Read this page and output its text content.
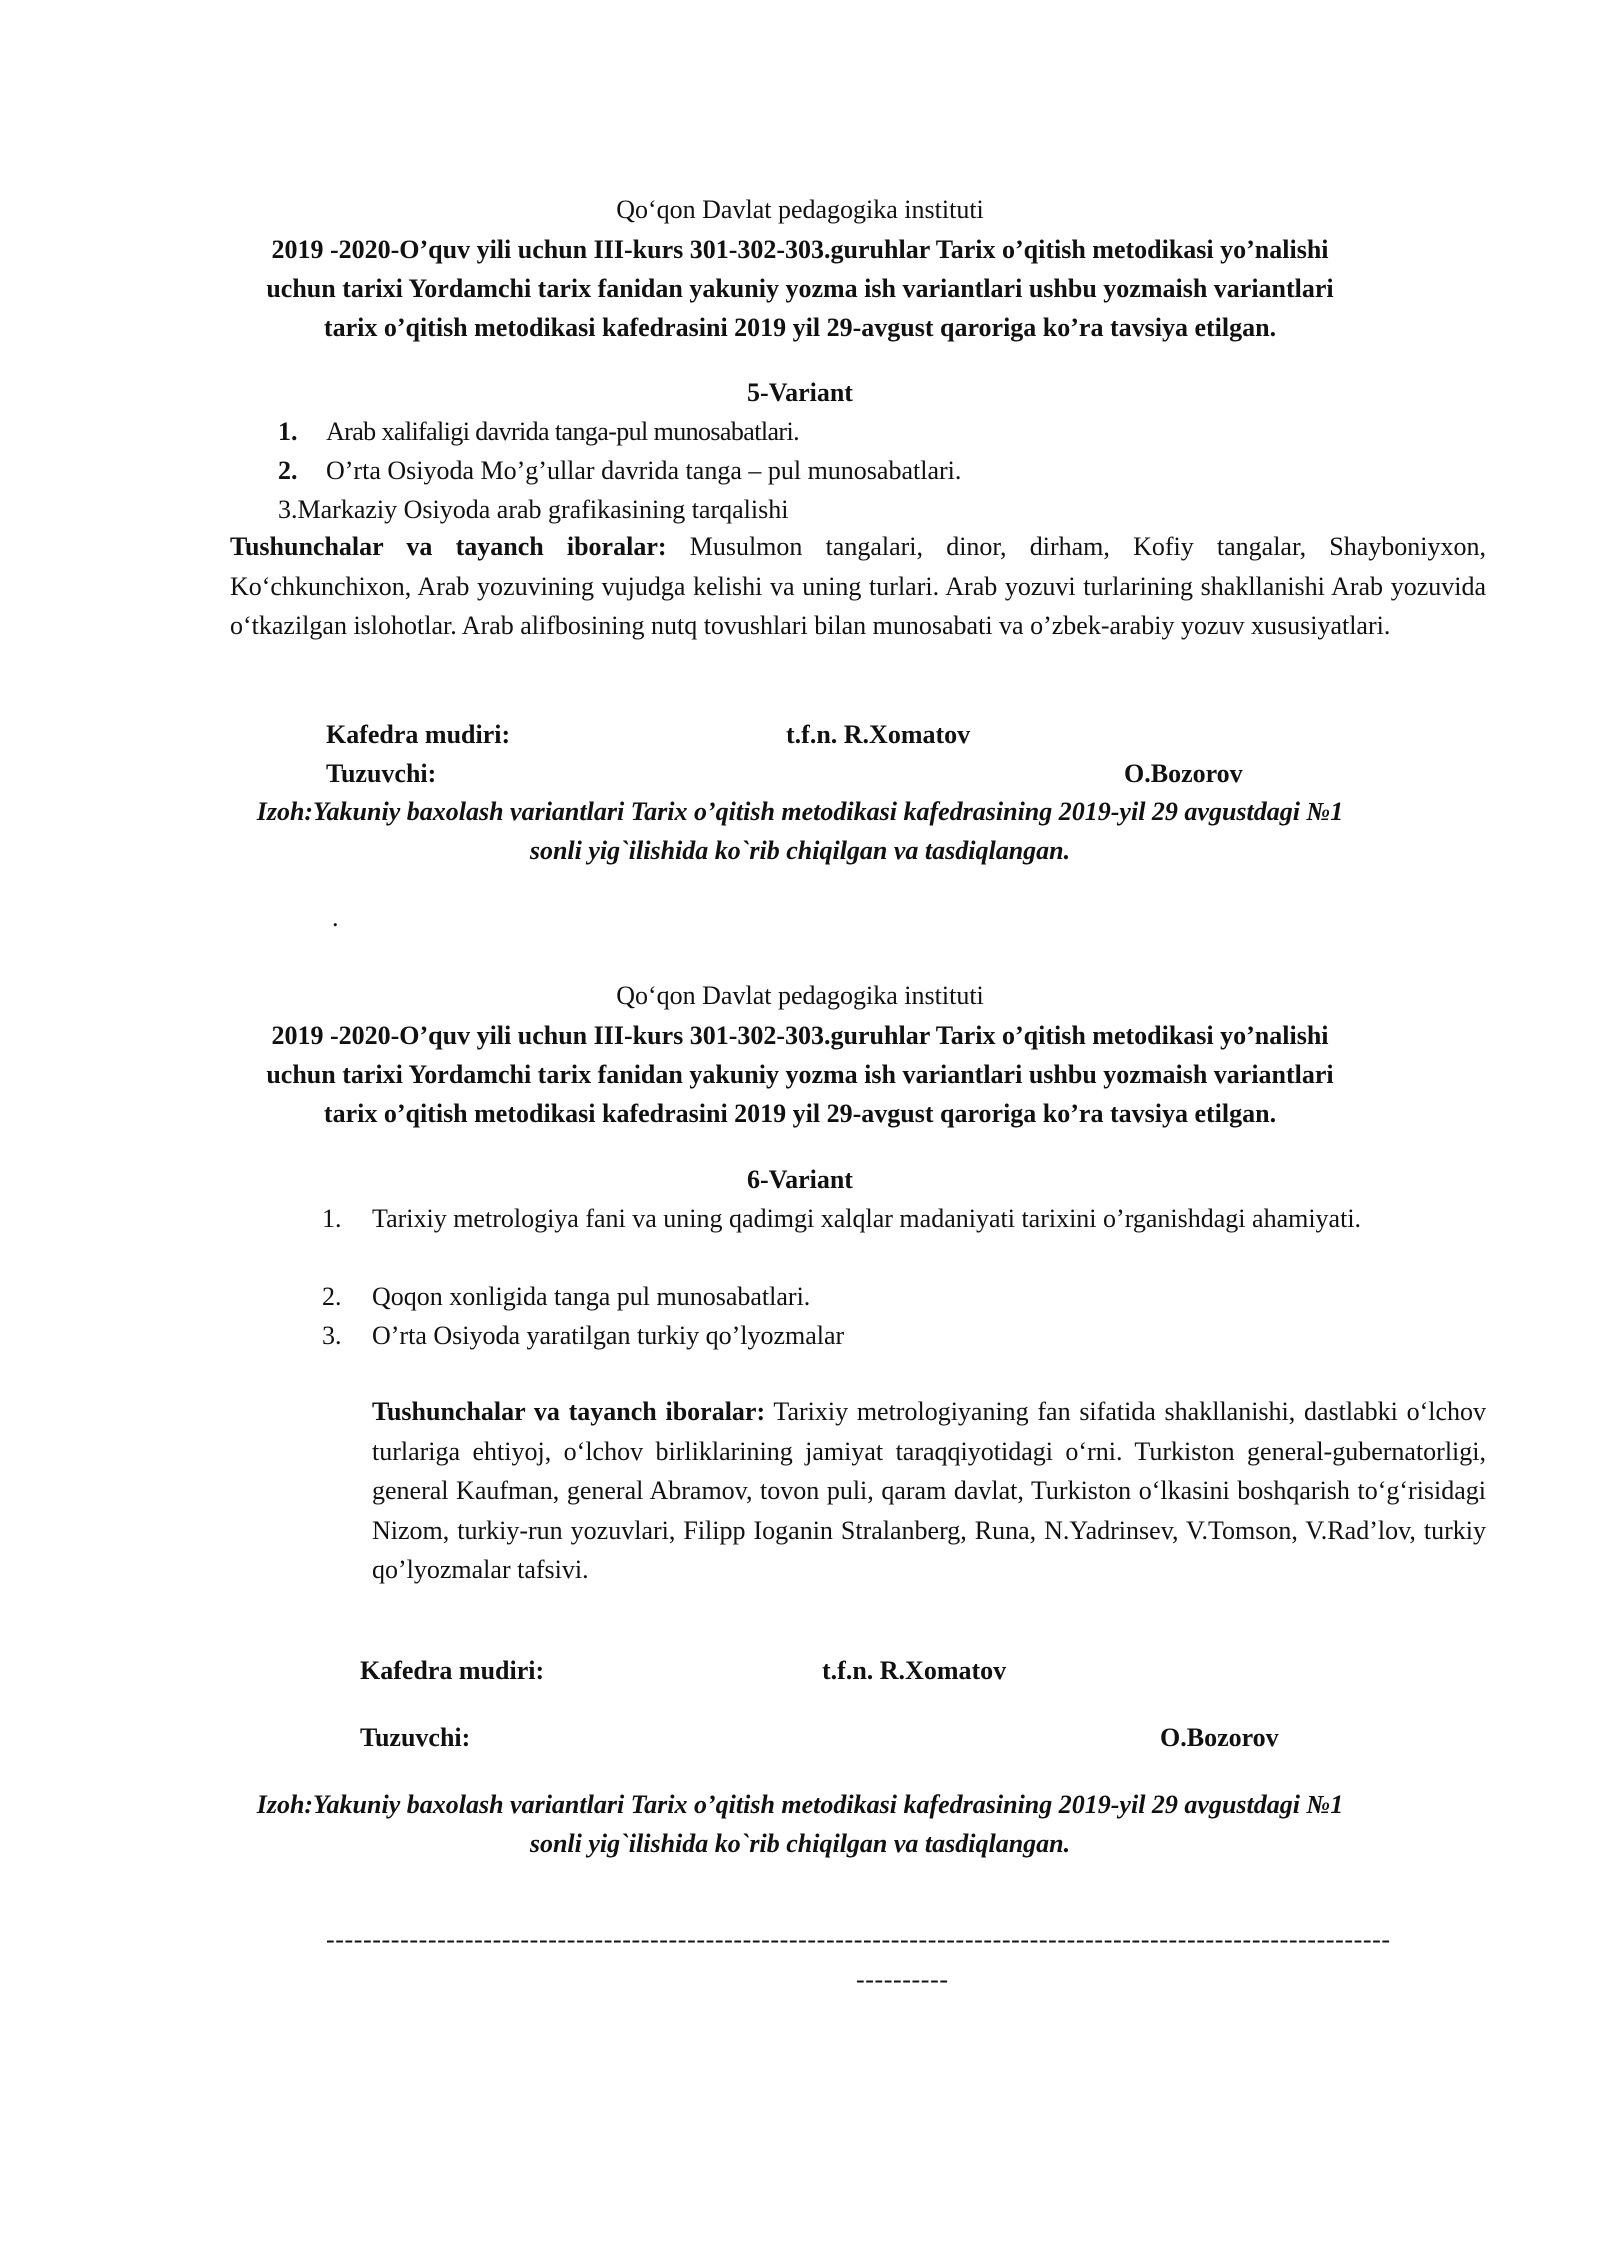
Qo‘qon Davlat pedagogika instituti
2019 -2020-O’quv yili uchun III-kurs 301-302-303.guruhlar Tarix o’qitish metodikasi yo’nalishi
uchun tarixi Yordamchi tarix fanidan yakuniy yozma ish variantlari ushbu yozmaish variantlari
tarix o’qitish metodikasi kafedrasini 2019 yil 29-avgust qaroriga ko’ra tavsiya etilgan.
5-Variant
1. Arab xalifaligi davrida tanga-pul munosabatlari.
2. O’rta Osiyoda Mo’g’ullar davrida tanga – pul munosabatlari.
3.Markaziy Osiyoda arab grafikasining tarqalishi
Tushunchalar va tayanch iboralar: Musulmon tangalari, dinor, dirham, Kofiy tangalar, Shayboniyxon, Ko‘chkunchixon, Arab yozuvining vujudga kelishi va uning turlari. Arab yozuvi turlarining shakllanishi Arab yozuvida o‘tkazilgan islohotlar. Arab alifbosining nutq tovushlari bilan munosabati va o’zbek-arabiy yozuv xususiyatlari.
Kafedra mudiri:	t.f.n. R.Xomatov
Tuzuvchi:	O.Bozorov
Izoh:Yakuniy baxolash variantlari Tarix o’qitish metodikasi kafedrasining 2019-yil 29 avgustdagi №1
sonli yig`ilishida ko`rib chiqilgan va tasdiqlangan.
.
Qo‘qon Davlat pedagogika instituti
2019 -2020-O’quv yili uchun III-kurs 301-302-303.guruhlar Tarix o’qitish metodikasi yo’nalishi
uchun tarixi Yordamchi tarix fanidan yakuniy yozma ish variantlari ushbu yozmaish variantlari
tarix o’qitish metodikasi kafedrasini 2019 yil 29-avgust qaroriga ko’ra tavsiya etilgan.
6-Variant
1. Tarixiy metrologiya fani va uning qadimgi xalqlar madaniyati tarixini o’rganishdagi ahamiyati.
2. Qoqon xonligida tanga pul munosabatlari.
3. O’rta Osiyoda yaratilgan turkiy qo’lyozmalar
Tushunchalar va tayanch iboralar: Tarixiy metrologiyaning fan sifatida shakllanishi, dastlabki o‘lchov turlariga ehtiyoj, o‘lchov birliklarining jamiyat taraqqiyotidagi o‘rni. Turkiston general-gubernatorligi, general Kaufman, general Abramov, tovon puli, qaram davlat, Turkiston o‘lkasini boshqarish to‘g‘risidagi Nizom, turkiy-run yozuvlari, Filipp Ioganin Stralanberg, Runa, N.Yadrinsev, V.Tomson, V.Rad’lov, turkiy qo’lyozmalar tafsivi.
Kafedra mudiri:	t.f.n. R.Xomatov
Tuzuvchi:	O.Bozorov
Izoh:Yakuniy baxolash variantlari Tarix o’qitish metodikasi kafedrasining 2019-yil 29 avgustdagi №1
sonli yig`ilishida ko`rib chiqilgan va tasdiqlangan.
-------------------------------------------------------------------------------------------------------------------
----------
